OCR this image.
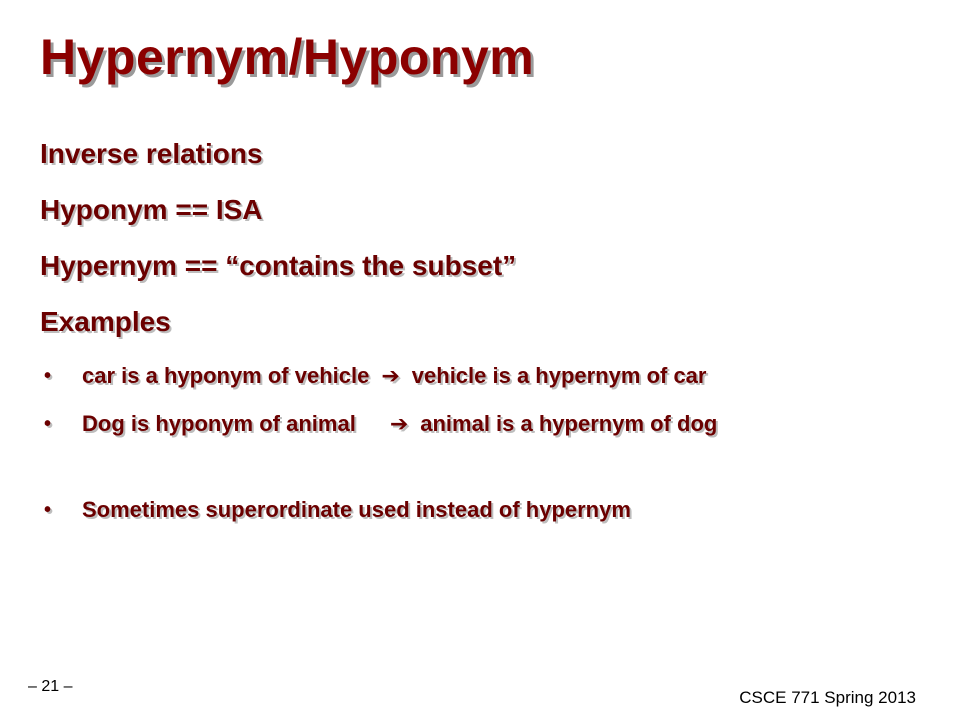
Hypernym/Hyponym
Inverse relations
Hyponym == ISA
Hypernym == “contains the subset”
Examples
• car is a hyponym of vehicle ➔ vehicle is a hypernym of car
• Dog is hyponym of animal ➔ animal is a hypernym of dog
• Sometimes superordinate used instead of hypernym
– 21 –
CSCE 771 Spring 2013
